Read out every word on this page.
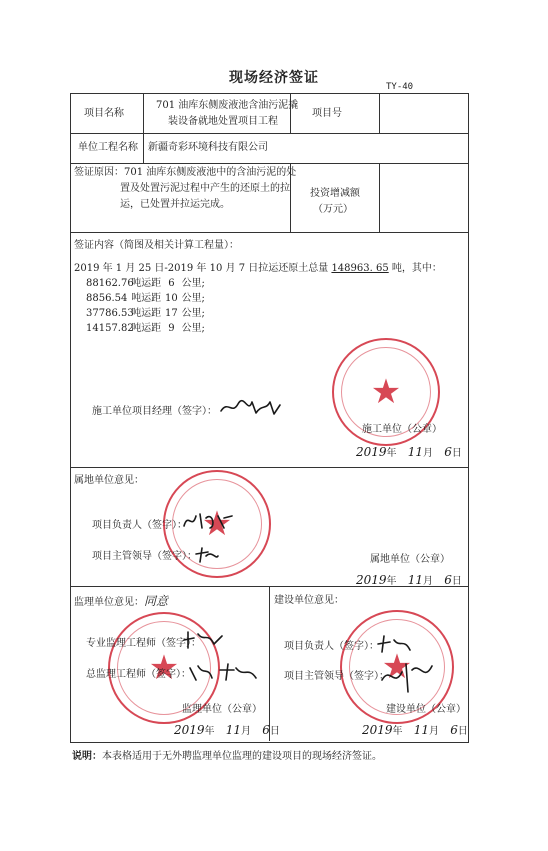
现场经济签证
TY-40
项目名称
701 油库东侧废液池含油污泥撬
装设备就地处置项目工程
项目号
单位工程名称 新疆奇彩环境科技有限公司
签证原因：701 油库东侧废液池中的含油污泥的处
置及处置污泥过程中产生的还原土的拉
运，已处置并拉运完成。
投资增减额
（万元）
签证内容（简图及相关计算工程量）：
2019 年 1 月 25 日-2019 年 10 月 7 日拉运还原土总量 148963. 65 吨，其中：
88162.76 吨运距 6 公里;
8856.54 吨运距 10 公里;
37786.53 吨运距 17 公里;
14157.82 吨运距 9 公里;
★
施工单位项目经理（签字）：
施工单位（公章）
2019年 11月 6日
属地单位意见：
★
项目负责人（签字）：
项目主管领导（签字）：	属地单位（公章）
2019年 11月 6日
监理单位意见：同意
★
专业监理工程师（签字）：
总监理工程师（签字）：
监理单位（公章）
2019年 11月 6日
建设单位意见：
★
项目负责人（签字）：
项目主管领导（签字）：
建设单位（公章）
2019年 11月 6日
说明：本表格适用于无外聘监理单位监理的建设项目的现场经济签证。
